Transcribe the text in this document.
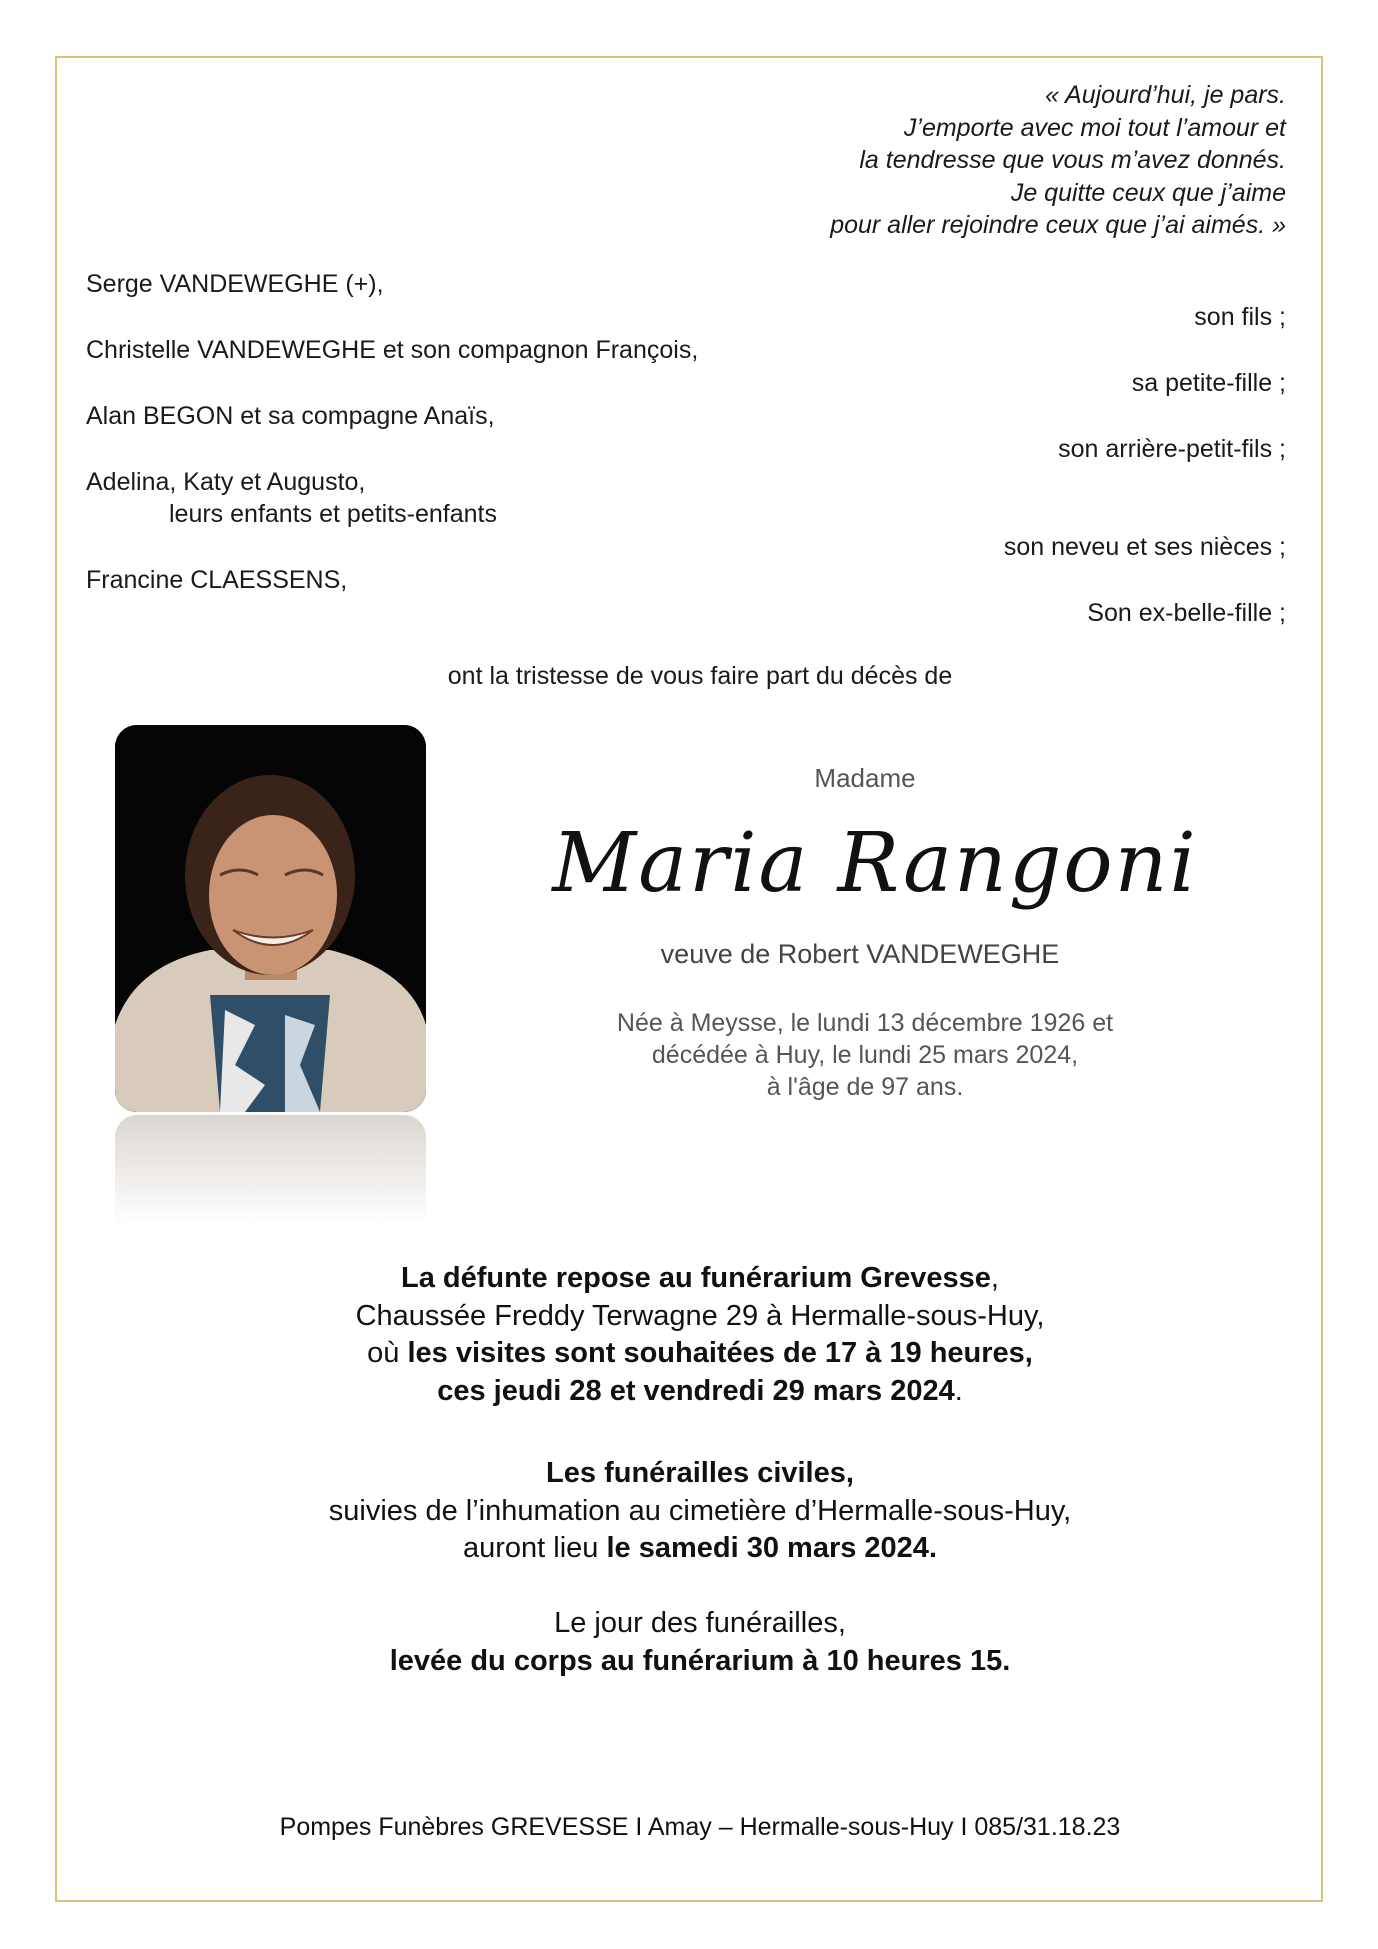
« Aujourd’hui, je pars.
J’emporte avec moi tout l’amour et
la tendresse que vous m’avez donnés.
Je quitte ceux que j’aime
pour aller rejoindre ceux que j’ai aimés. »
Serge VANDEWEGHE (+),
son fils ;
Christelle VANDEWEGHE et son compagnon François,
sa petite-fille ;
Alan BEGON et sa compagne Anaïs,
son arrière-petit-fils ;
Adelina, Katy et Augusto,
leurs enfants et petits-enfants
son neveu et ses nièces ;
Francine CLAESSENS,
Son ex-belle-fille ;
ont la tristesse de vous faire part du décès de
Madame
Maria Rangoni
veuve de Robert VANDEWEGHE
Née à Meysse, le lundi 13 décembre 1926 et
décédée à Huy, le lundi 25 mars 2024,
à l'âge de 97 ans.
La défunte repose au funérarium Grevesse,
Chaussée Freddy Terwagne 29 à Hermalle-sous-Huy,
où les visites sont souhaitées de 17 à 19 heures,
ces jeudi 28 et vendredi 29 mars 2024.
Les funérailles civiles,
suivies de l’inhumation au cimetière d’Hermalle-sous-Huy,
auront lieu le samedi 30 mars 2024.
Le jour des funérailles,
levée du corps au funérarium à 10 heures 15.
Pompes Funèbres GREVESSE I Amay – Hermalle-sous-Huy I 085/31.18.23
